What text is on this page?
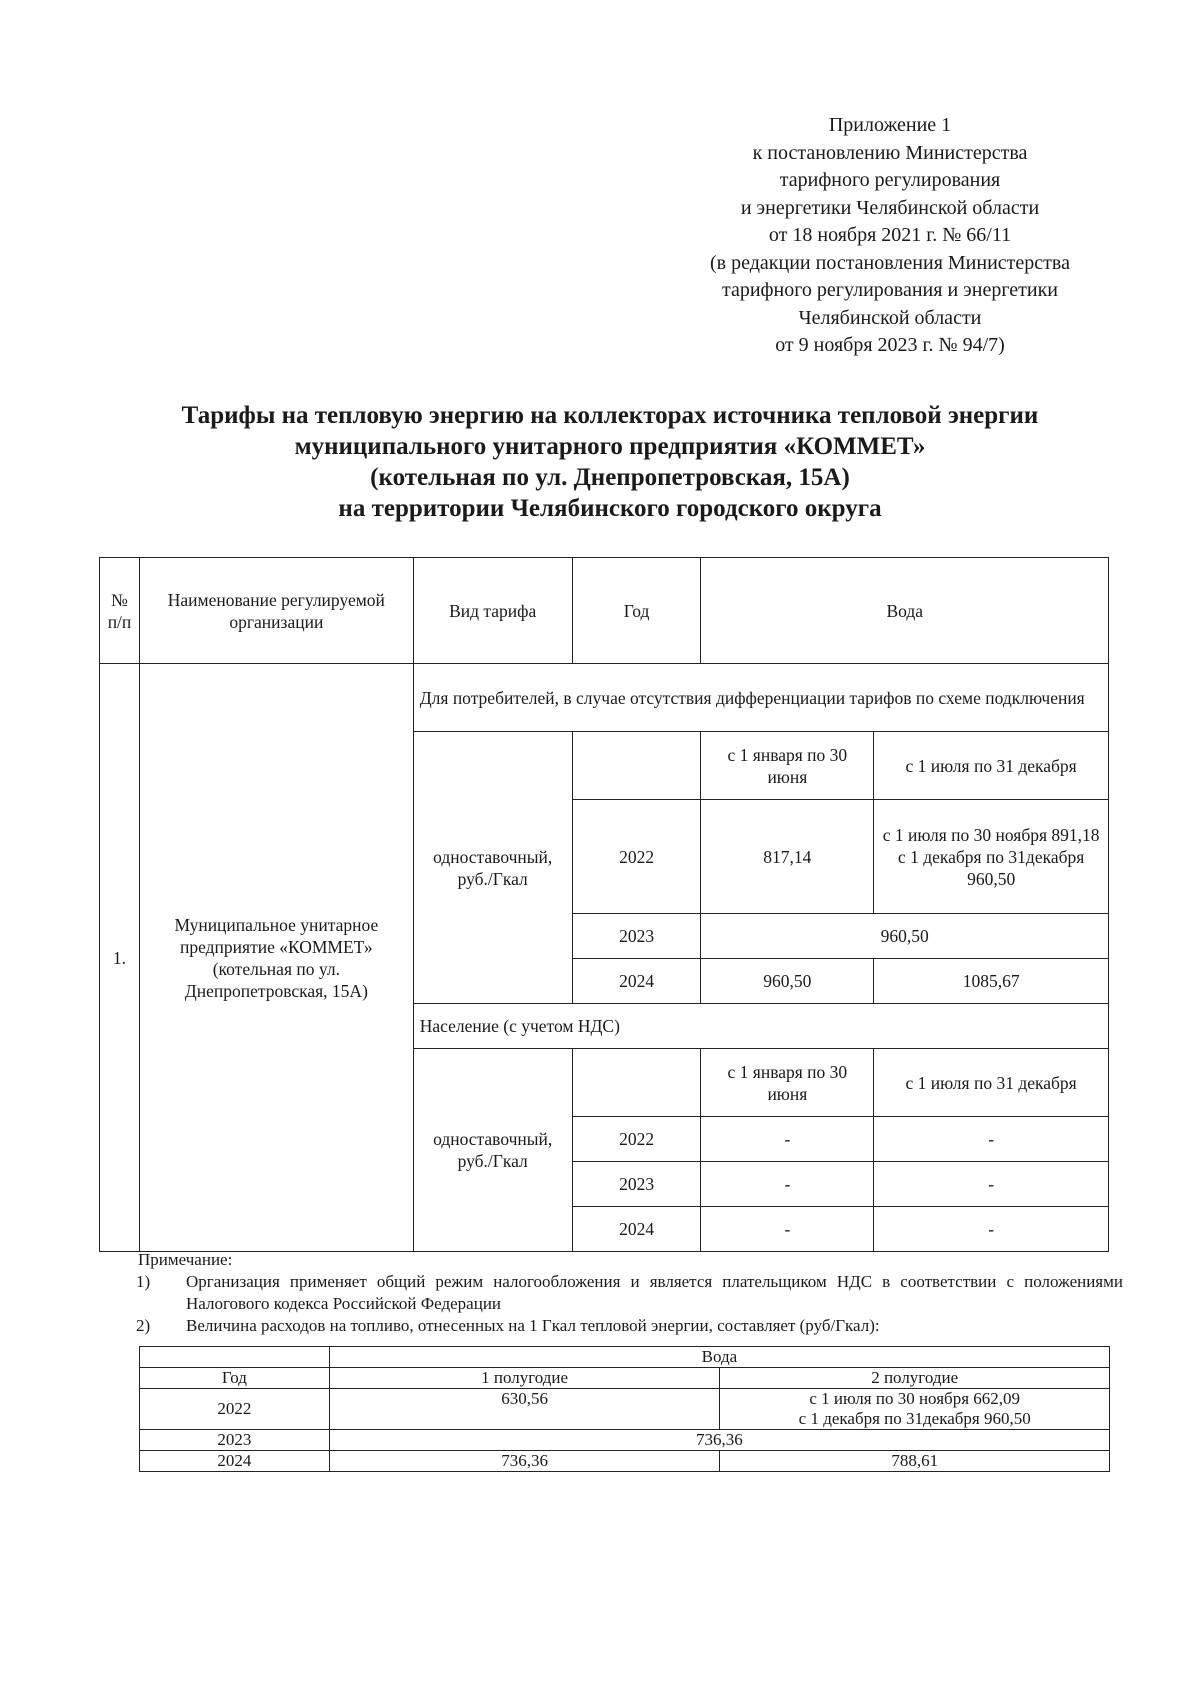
Приложение 1
к постановлению Министерства
тарифного регулирования
и энергетики Челябинской области
от 18 ноября 2021 г. № 66/11
(в редакции постановления Министерства
тарифного регулирования и энергетики
Челябинской области
от 9 ноября 2023 г. № 94/7)
Тарифы на тепловую энергию на коллекторах источника тепловой энергии
муниципального унитарного предприятия «КОММЕТ»
(котельная по ул. Днепропетровская, 15А)
на территории Челябинского городского округа
№ п/п	Наименование регулируемой организации	Вид тарифа	Год	Вода	
1.	Муниципальное унитарное предприятие «КОММЕТ» (котельная по ул. Днепропетровская, 15А)	Для потребителей, в случае отсутствия дифференциации тарифов по схеме подключения			
		одноставочный, руб./Гкал		с 1 января по 30 июня	с 1 июля по 31 декабря
			2022	817,14	с 1 июля по 30 ноября 891,18 с 1 декабря по 31декабря 960,50
			2023	960,50	
			2024	960,50	1085,67
		Население (с учетом НДС)			
		одноставочный, руб./Гкал		с 1 января по 30 июня	с 1 июля по 31 декабря
			2022	-	-
			2023	-	-
			2024	-	-
Примечание:
1)	Организация применяет общий режим налогообложения и является плательщиком НДС в соответствии с положениями Налогового кодекса Российской Федерации
2)	Величина расходов на топливо, отнесенных на 1 Гкал тепловой энергии, составляет (руб/Гкал):
	Вода	
Год	1 полугодие	2 полугодие
2022	630,56	с 1 июля по 30 ноября 662,09
с 1 декабря по 31декабря 960,50

2023	736,36	
2024	736,36	788,61
